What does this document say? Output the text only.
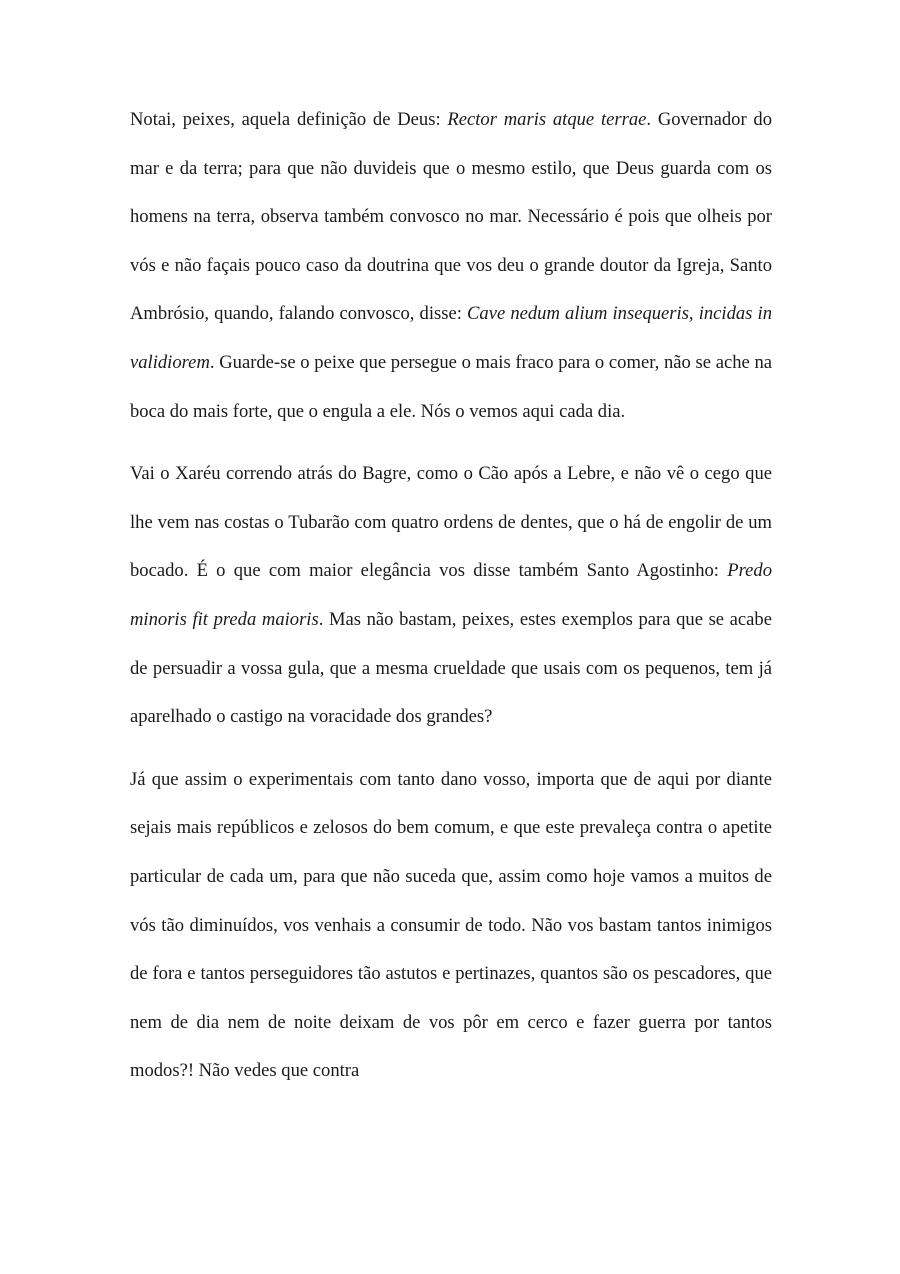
Notai, peixes, aquela definição de Deus: Rector maris atque terrae. Governador do mar e da terra; para que não duvideis que o mesmo estilo, que Deus guarda com os homens na terra, observa também convosco no mar. Necessário é pois que olheis por vós e não façais pouco caso da doutrina que vos deu o grande doutor da Igreja, Santo Ambrósio, quando, falando convosco, disse: Cave nedum alium insequeris, incidas in validiorem. Guarde-se o peixe que persegue o mais fraco para o comer, não se ache na boca do mais forte, que o engula a ele. Nós o vemos aqui cada dia.

Vai o Xaréu correndo atrás do Bagre, como o Cão após a Lebre, e não vê o cego que lhe vem nas costas o Tubarão com quatro ordens de dentes, que o há de engolir de um bocado. É o que com maior elegância vos disse também Santo Agostinho: Predo minoris fit preda maioris. Mas não bastam, peixes, estes exemplos para que se acabe de persuadir a vossa gula, que a mesma crueldade que usais com os pequenos, tem já aparelhado o castigo na voracidade dos grandes?

Já que assim o experimentais com tanto dano vosso, importa que de aqui por diante sejais mais repúblicos e zelosos do bem comum, e que este prevaleça contra o apetite particular de cada um, para que não suceda que, assim como hoje vamos a muitos de vós tão diminuídos, vos venhais a consumir de todo. Não vos bastam tantos inimigos de fora e tantos perseguidores tão astutos e pertinazes, quantos são os pescadores, que nem de dia nem de noite deixam de vos pôr em cerco e fazer guerra por tantos modos?! Não vedes que contra
